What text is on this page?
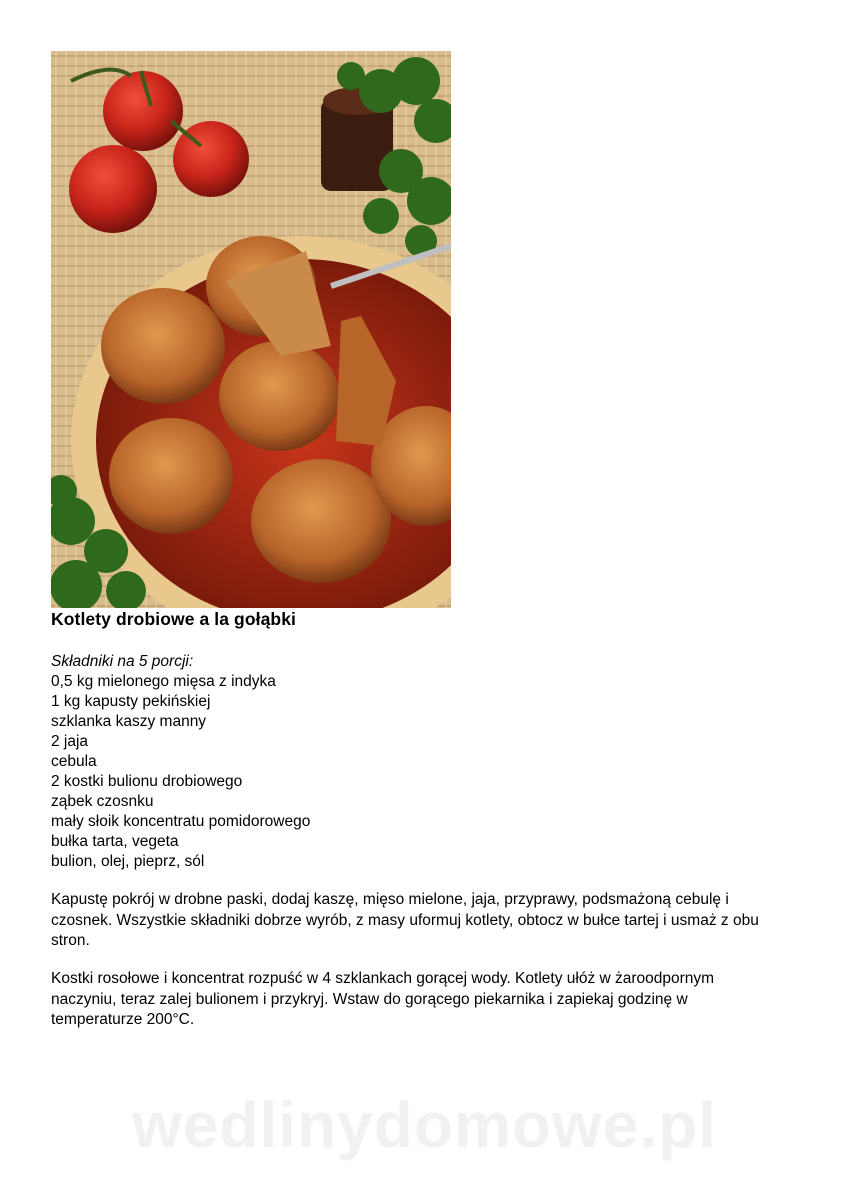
Kotlety drobiowe a la gołąbki
Składniki na 5 porcji:
0,5 kg mielonego mięsa z indyka
1 kg kapusty pekińskiej
szklanka kaszy manny
2 jaja
cebula
2 kostki bulionu drobiowego
ząbek czosnku
mały słoik koncentratu pomidorowego
bułka tarta, vegeta
bulion, olej, pieprz, sól
Kapustę pokrój w drobne paski, dodaj kaszę, mięso mielone, jaja, przyprawy, podsmażoną cebulę i czosnek. Wszystkie składniki dobrze wyrób, z masy uformuj kotlety, obtocz w bułce tartej i usmaż z obu stron.
Kostki rosołowe i koncentrat rozpuść w 4 szklankach gorącej wody. Kotlety ułóż w żaroodpornym naczyniu, teraz zalej bulionem i przykryj. Wstaw do gorącego piekarnika i zapiekaj godzinę w temperaturze 200°C.
wedlinydomowe.pl
